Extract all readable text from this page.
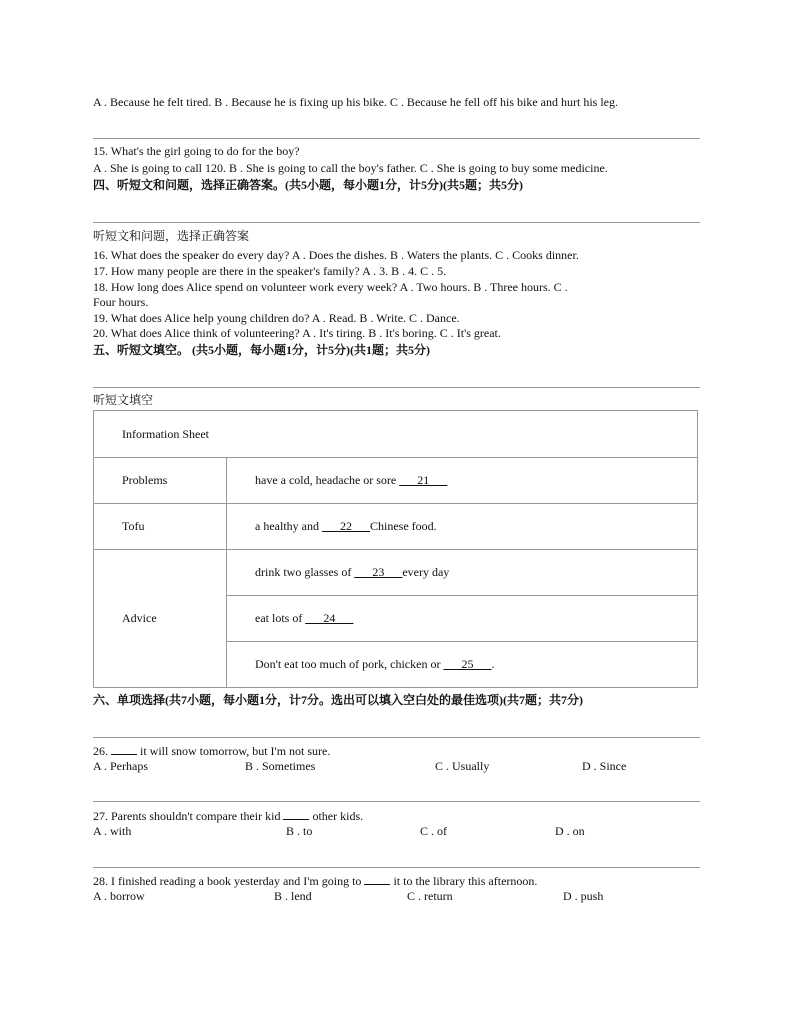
A . Because he felt tired. B . Because he is fixing up his bike. C . Because he fell off his bike and hurt his leg.
15. What's the girl going to do for the boy?
A . She is going to call 120. B . She is going to call the boy's father. C . She is going to buy some medicine.
四、听短文和问题，选择正确答案。(共5小题，每小题1分，计5分)(共5题；共5分)
听短文和问题，选择正确答案
16. What does the speaker do every day? A . Does the dishes. B . Waters the plants. C . Cooks dinner.
17. How many people are there in the speaker's family? A . 3. B . 4. C . 5.
18. How long does Alice spend on volunteer work every week? A . Two hours. B . Three hours. C .
Four hours.
19. What does Alice help young children do? A . Read. B . Write. C . Dance.
20. What does Alice think of volunteering? A . It's tiring. B . It's boring. C . It's great.
五、听短文填空。 (共5小题，每小题1分，计5分)(共1题；共5分)
听短文填空
Information Sheet	
Problems	have a cold, headache or sore ___21___
Tofu	a healthy and ___22___Chinese food.
Advice	drink two glasses of ___23___every day
	eat lots of ___24___
	Don't eat too much of pork, chicken or ___25___.
六、单项选择(共7小题，每小题1分，计7分。选出可以填入空白处的最佳选项)(共7题；共7分)
26.  it will snow tomorrow, but I'm not sure.
A . Perhaps	B . Sometimes	C . Usually	D . Since
27. Parents shouldn't compare their kid  other kids.
A . with	B . to	C . of	D . on
28. I finished reading a book yesterday and I'm going to  it to the library this afternoon.
A . borrow	B . lend	C . return	D . push
